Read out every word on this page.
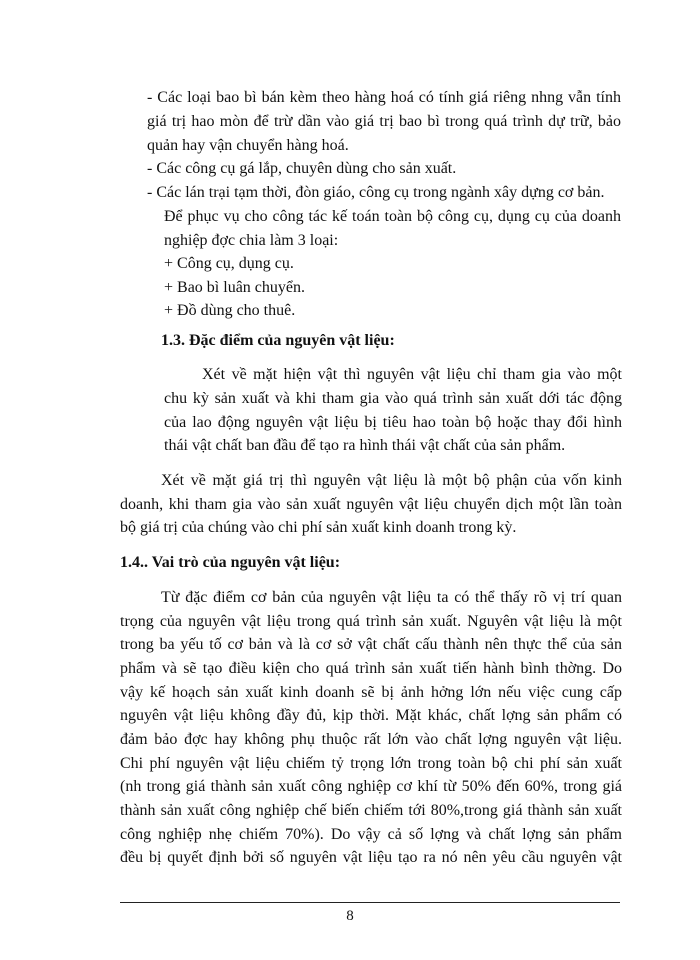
- Các loại bao bì bán kèm theo hàng hoá có tính giá riêng nhng vẫn tính

giá trị hao mòn để trừ dần vào giá trị bao bì trong quá trình dự trữ, bảo

quản hay vận chuyển hàng hoá.

- Các công cụ gá lắp, chuyên dùng cho sản xuất.

- Các lán trại tạm thời, đòn giáo, công cụ trong ngành xây dựng cơ bản.

Để phục vụ cho công tác kế toán toàn bộ công cụ, dụng cụ của doanh

nghiệp đợc chia làm 3 loại:

+ Công cụ, dụng cụ.

+ Bao bì luân chuyển.

+ Đồ dùng cho thuê.

1.3. Đặc điểm của nguyên vật liệu:

Xét về mặt hiện vật thì nguyên vật liệu chỉ tham gia vào một

chu kỳ sản xuất và khi tham gia vào quá trình sản xuất dới tác động

của lao động nguyên vật liệu bị tiêu hao toàn bộ hoặc thay đổi hình

thái vật chất ban đầu để tạo ra hình thái vật chất của sản phẩm.

Xét về mặt giá trị thì nguyên vật liệu là một bộ phận của vốn kinh

doanh, khi tham gia vào sản xuất nguyên vật liệu chuyển dịch một lần toàn

bộ giá trị của chúng vào chi phí sản xuất kinh doanh trong kỳ.

1.4.. Vai trò của nguyên vật liệu:

Từ đặc điểm cơ bản của nguyên vật liệu ta có thể thấy rõ vị trí quan

trọng của nguyên vật liệu trong quá trình sản xuất. Nguyên vật liệu là một

trong ba yếu tố cơ bản và là cơ sở vật chất cấu thành nên thực thể của sản

phẩm và sẽ tạo điều kiện cho quá trình sản xuất tiến hành bình thờng. Do

vậy kế hoạch sản xuất kinh doanh sẽ bị ảnh hởng lớn nếu việc cung cấp

nguyên vật liệu không đầy đủ, kịp thời. Mặt khác, chất lợng sản phẩm có

đảm bảo đợc hay không phụ thuộc rất lớn vào chất lợng nguyên vật liệu.

Chi phí nguyên vật liệu chiếm tỷ trọng lớn trong toàn bộ chi phí sản xuất

(nh trong giá thành sản xuất công nghiệp cơ khí từ 50% đến 60%, trong giá

thành sản xuất công nghiệp chế biến chiếm tới 80%,trong giá thành sản xuất

công nghiệp nhẹ chiếm 70%). Do vậy cả số lợng và chất lợng sản phẩm

đều bị quyết định bởi số nguyên vật liệu tạo ra nó nên yêu cầu nguyên vật

8
